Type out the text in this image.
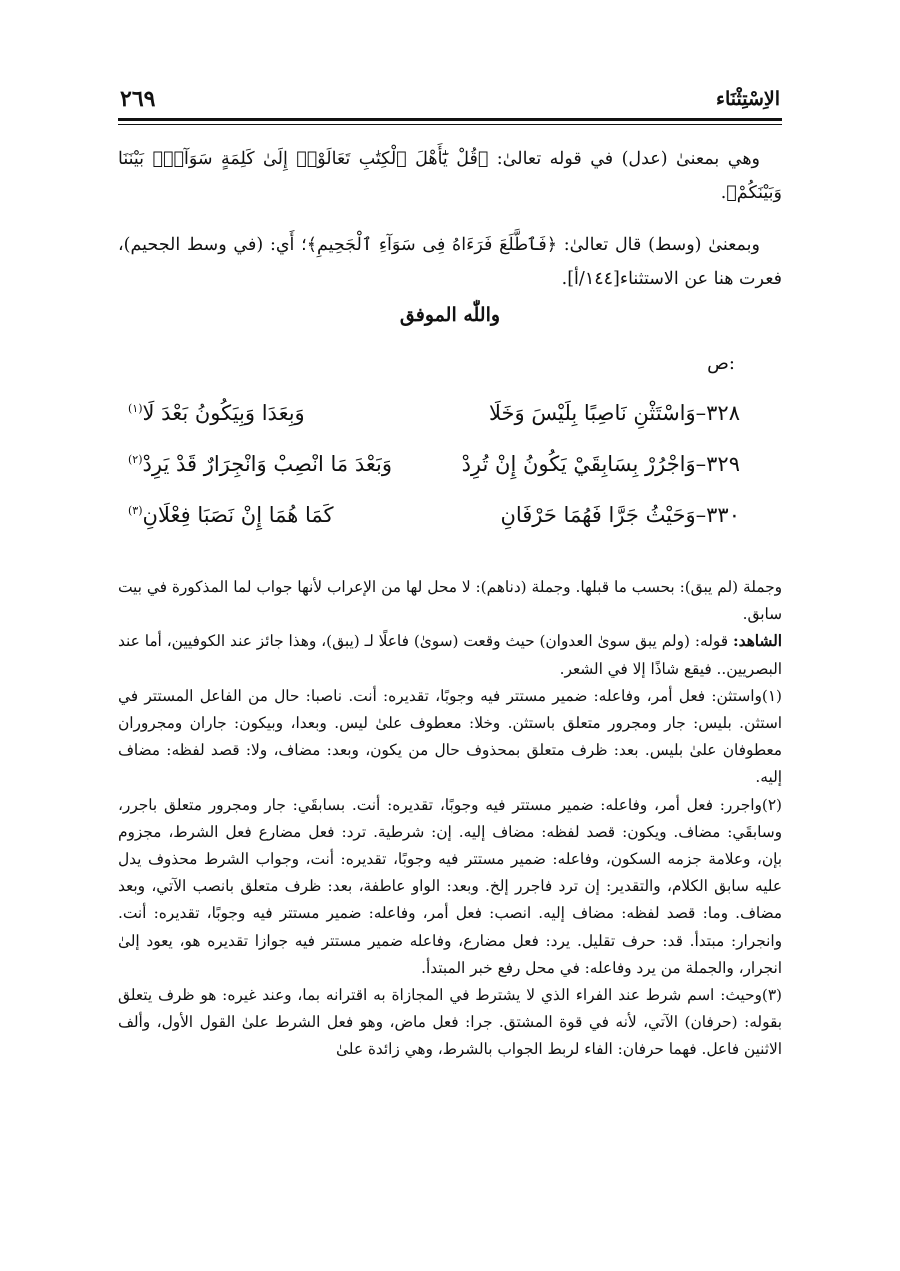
٢٦٩	الاِسْتِثْنَاء

وهي بمعنىٰ (عدل) في قوله تعالىٰ: ﴿قُلْ يَٰٓأَهْلَ ٱلْكِتَٰبِ تَعَالَوْا۟ إِلَىٰ كَلِمَةٍ سَوَآءٍۭ بَيْنَنَا وَبَيْنَكُمْ﴾.

وبمعنىٰ (وسط) قال تعالىٰ: ﴿فَٱطَّلَعَ فَرَءَاهُ فِى سَوَآءِ ٱلْجَحِيمِ﴾؛ أَي: (في وسط الجحيم)، فعرت هنا عن الاستثناء[١٤٤/أ].

واللّٰه الموفق
ص:
٣٢٨–وَاسْتَثْنِ نَاصِبًا بِلَيْسَ وَخَلَا
وَبِعَدَا وَبِيَكُونُ بَعْدَ لَا$^{(١)}$
٣٢٩–وَاجْرُرْ بِسَابِقَيْ يَكُونُ إِنْ تُرِدْ
وَبَعْدَ مَا انْصِبْ وَانْجِرَارٌ قَدْ يَرِدْ$^{(٢)}$
٣٣٠–وَحَيْثُ جَرَّا فَهُمَا حَرْفَانِ
كَمَا هُمَا إِنْ نَصَبَا فِعْلَانِ$^{(٣)}$

وجملة (لم يبق): بحسب ما قبلها. وجملة (دناهم): لا محل لها من الإعراب لأنها جواب لما المذكورة في بيت سابق.

الشاهد: قوله: (ولم يبق سوىٰ العدوان) حيث وقعت (سوىٰ) فاعلًا لـ (يبق)، وهذا جائز عند الكوفيين، أما عند البصريين.. فيقع شاذًا إلا في الشعر.

(١)واستثن: فعل أمر، وفاعله: ضمير مستتر فيه وجوبًا، تقديره: أنت. ناصبا: حال من الفاعل المستتر في استثن. بليس: جار ومجرور متعلق باستثن. وخلا: معطوف علىٰ ليس. وبعدا، وبيكون: جاران ومجروران معطوفان علىٰ بليس. بعد: ظرف متعلق بمحذوف حال من يكون، وبعد: مضاف، ولا: قصد لفظه: مضاف إليه.

(٢)واجرر: فعل أمر، وفاعله: ضمير مستتر فيه وجوبًا، تقديره: أنت. بسابقَي: جار ومجرور متعلق باجرر، وسابقَي: مضاف. ويكون: قصد لفظه: مضاف إليه. إن: شرطية. ترد: فعل مضارع فعل الشرط، مجزوم بإن، وعلامة جزمه السكون، وفاعله: ضمير مستتر فيه وجوبًا، تقديره: أنت، وجواب الشرط محذوف يدل عليه سابق الكلام، والتقدير: إن ترد فاجرر إلخ. وبعد: الواو عاطفة، بعد: ظرف متعلق بانصب الآتي، وبعد مضاف. وما: قصد لفظه: مضاف إليه. انصب: فعل أمر، وفاعله: ضمير مستتر فيه وجوبًا، تقديره: أنت. وانجرار: مبتدأ. قد: حرف تقليل. يرد: فعل مضارع، وفاعله ضمير مستتر فيه جوازا تقديره هو، يعود إلىٰ انجرار، والجملة من يرد وفاعله: في محل رفع خبر المبتدأ.

(٣)وحيث: اسم شرط عند الفراء الذي لا يشترط في المجازاة به اقترانه بما، وعند غيره: هو ظرف يتعلق بقوله: (حرفان) الآتي، لأنه في قوة المشتق. جرا: فعل ماض، وهو فعل الشرط علىٰ القول الأول، وألف الاثنين فاعل. فهما حرفان: الفاء لربط الجواب بالشرط، وهي زائدة علىٰ
